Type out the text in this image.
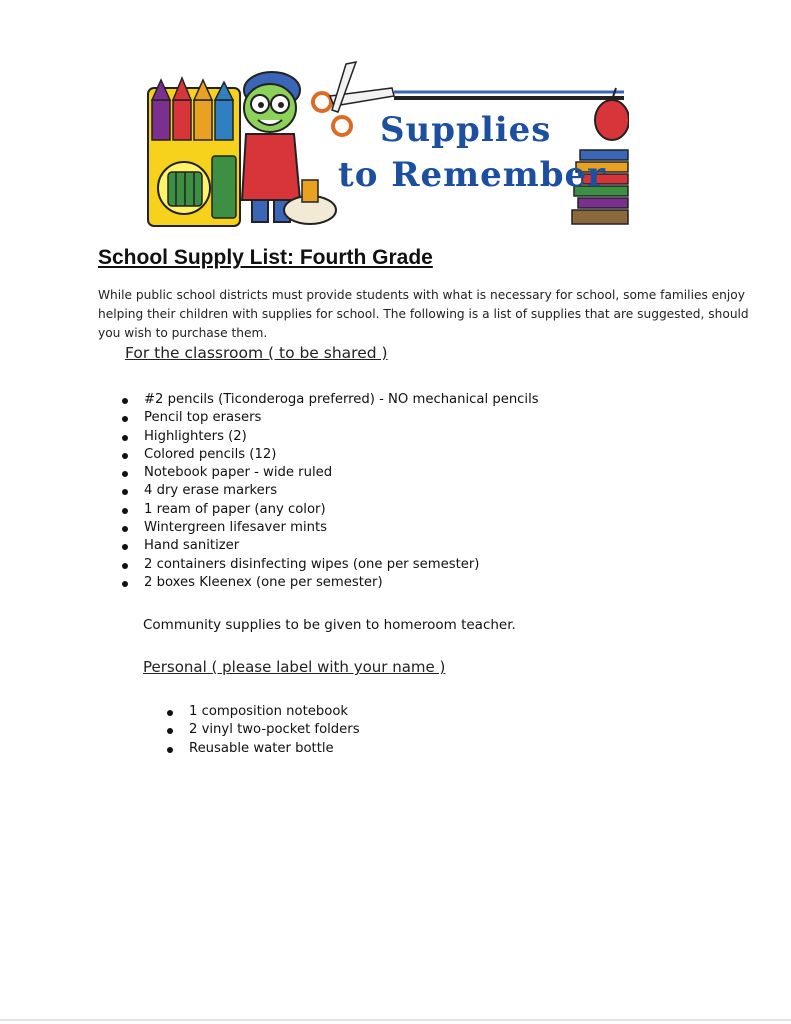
Supplies
to Remember
School Supply List: Fourth Grade

While public school districts must provide students with what is necessary for school, some families enjoy helping their children with supplies for school. The following is a list of supplies that are suggested, should you wish to purchase them.

For the classroom ( to be shared )
#2 pencils (Ticonderoga preferred) - NO mechanical pencils
Pencil top erasers
Highlighters (2)
Colored pencils (12)
Notebook paper - wide ruled
4 dry erase markers
1 ream of paper (any color)
Wintergreen lifesaver mints
Hand sanitizer
2 containers disinfecting wipes (one per semester)
2 boxes Kleenex (one per semester)

Community supplies to be given to homeroom teacher.

Personal ( please label with your name )
1 composition notebook
2 vinyl two-pocket folders
Reusable water bottle
